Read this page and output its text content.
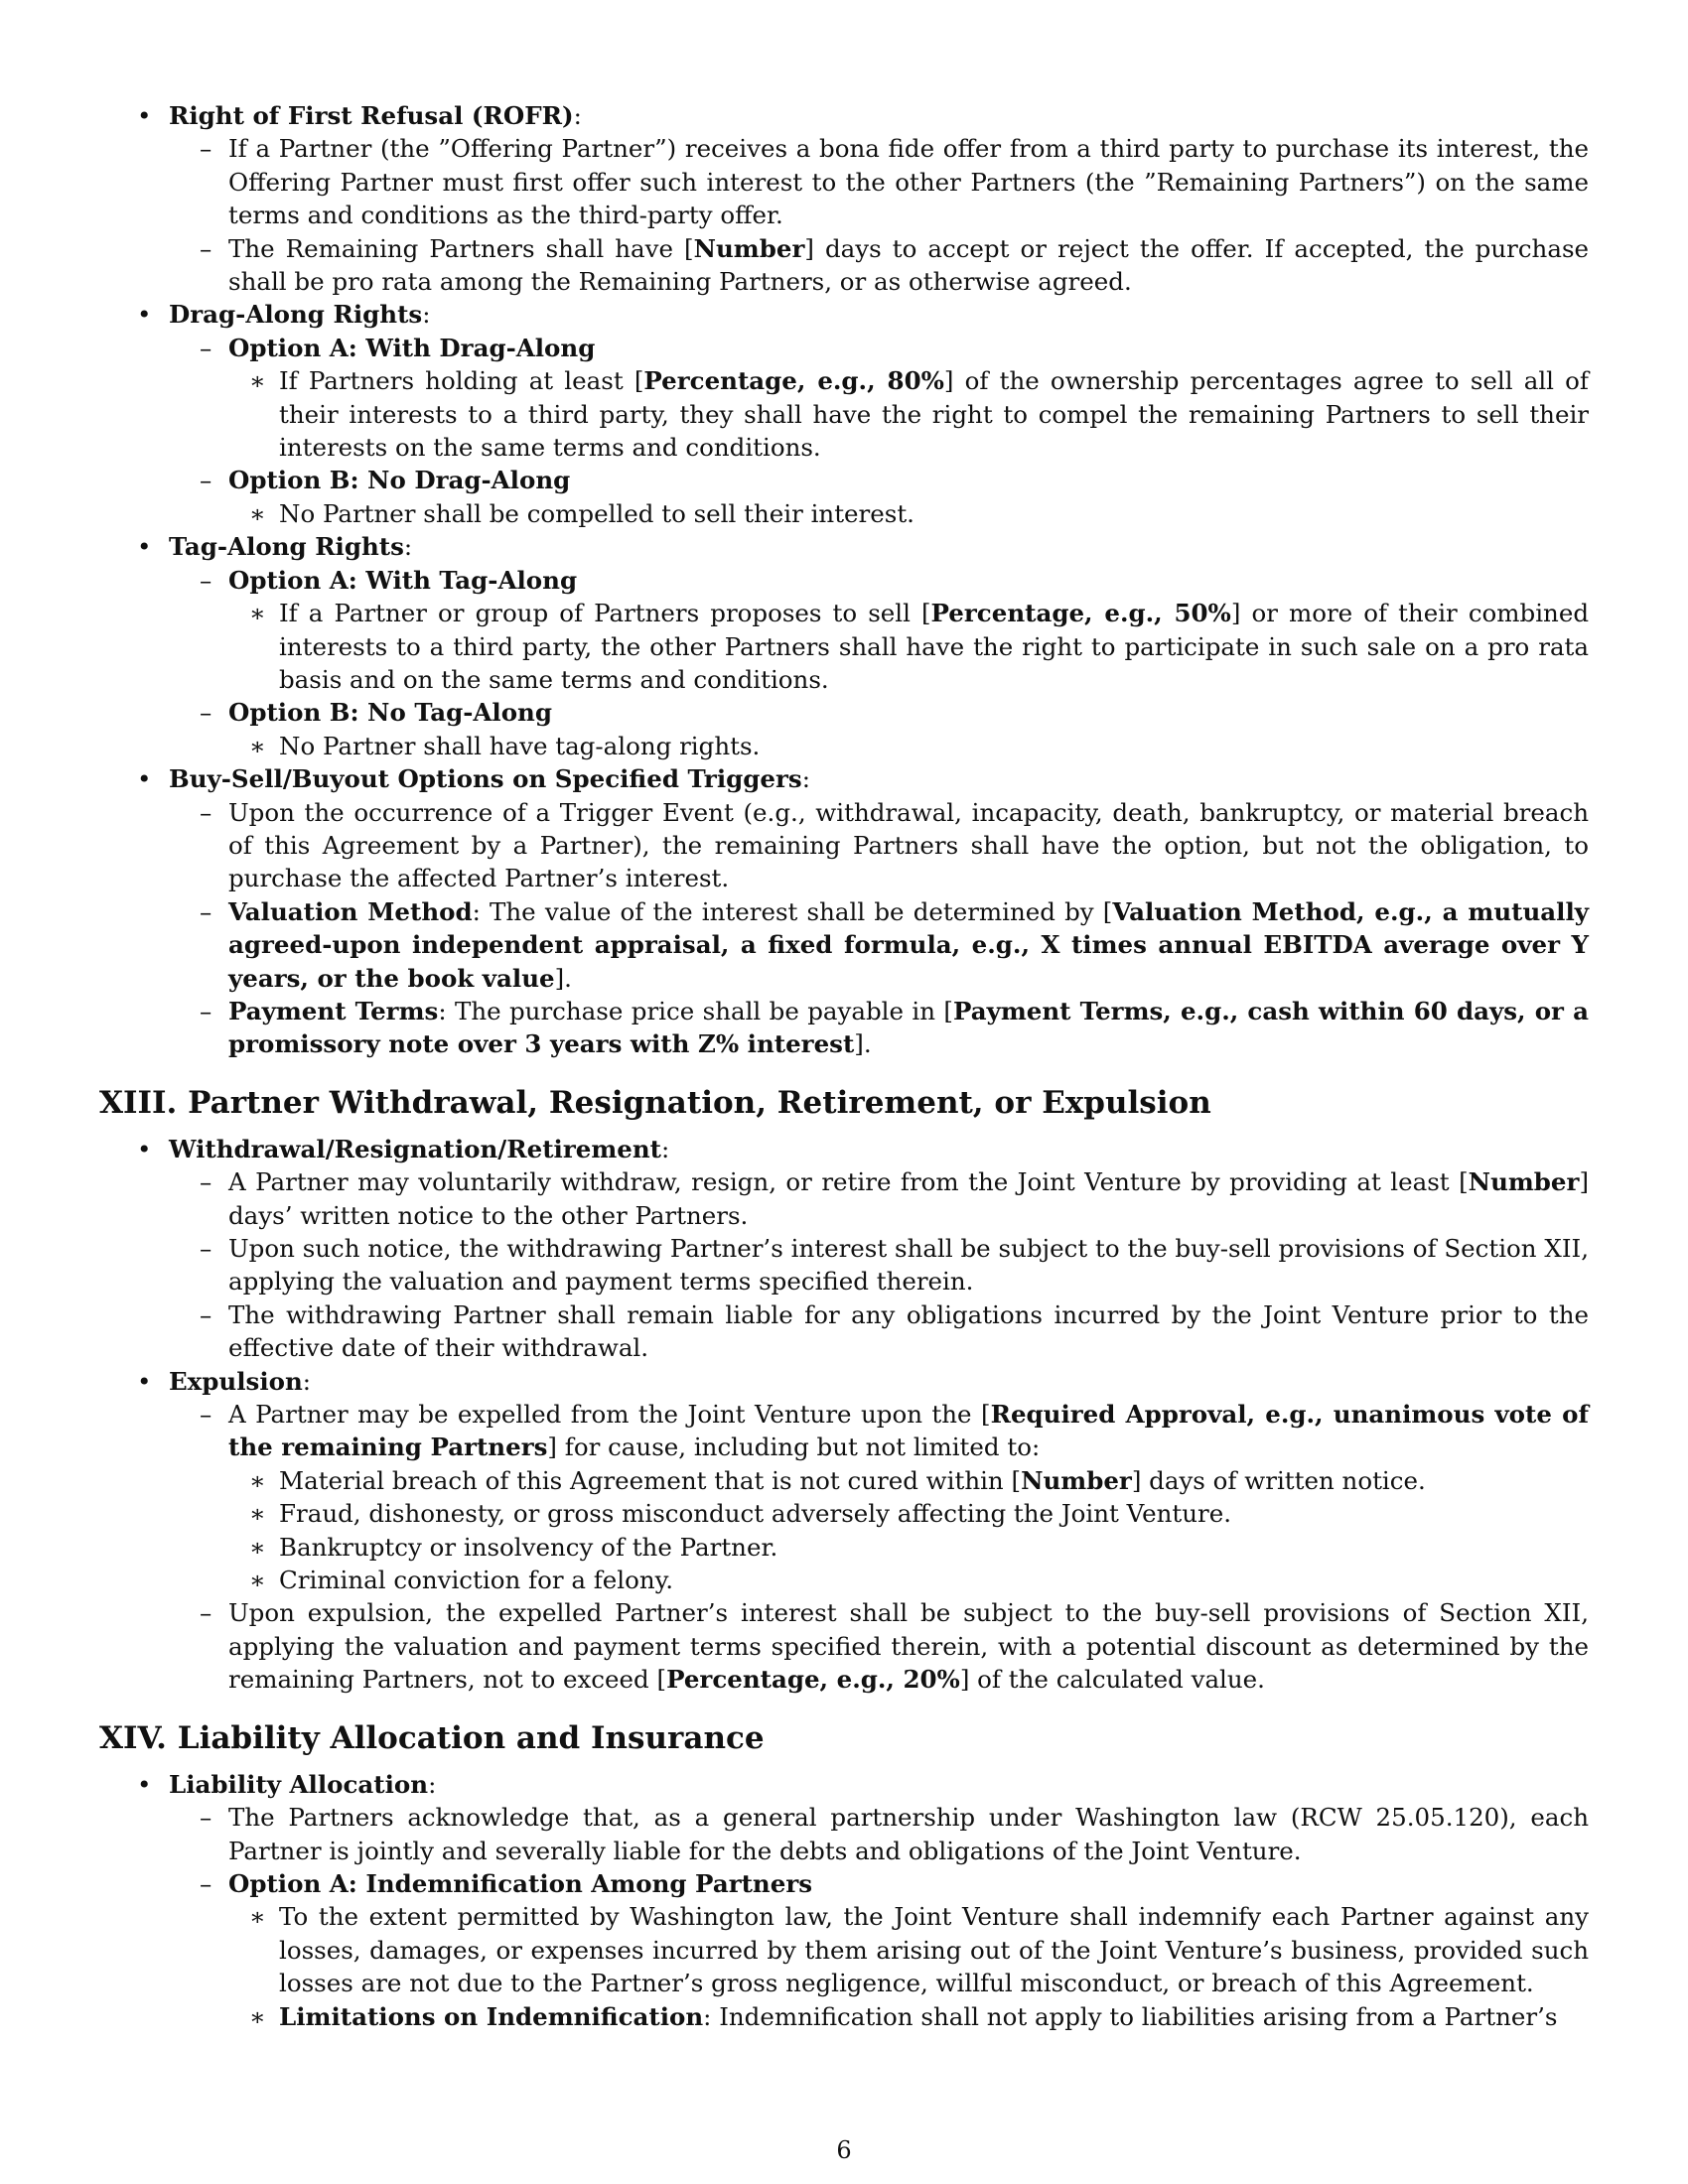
• Right of First Refusal (ROFR):

– If a Partner (the ”Offering Partner”) receives a bona fide offer from a third party to purchase its interest, the Offering Partner must first offer such interest to the other Partners (the ”Remaining Partners”) on the same terms and conditions as the third-party offer.

– The Remaining Partners shall have [Number] days to accept or reject the offer. If accepted, the purchase shall be pro rata among the Remaining Partners, or as otherwise agreed.

• Drag-Along Rights:

– Option A: With Drag-Along

∗ If Partners holding at least [Percentage, e.g., 80%] of the ownership percentages agree to sell all of their interests to a third party, they shall have the right to compel the remaining Partners to sell their interests on the same terms and conditions.

– Option B: No Drag-Along

∗ No Partner shall be compelled to sell their interest.

• Tag-Along Rights:

– Option A: With Tag-Along

∗ If a Partner or group of Partners proposes to sell [Percentage, e.g., 50%] or more of their combined interests to a third party, the other Partners shall have the right to participate in such sale on a pro rata basis and on the same terms and conditions.

– Option B: No Tag-Along

∗ No Partner shall have tag-along rights.

• Buy-Sell/Buyout Options on Specified Triggers:

– Upon the occurrence of a Trigger Event (e.g., withdrawal, incapacity, death, bankruptcy, or material breach of this Agreement by a Partner), the remaining Partners shall have the option, but not the obligation, to purchase the affected Partner’s interest.

– Valuation Method: The value of the interest shall be determined by [Valuation Method, e.g., a mutually agreed-upon independent appraisal, a fixed formula, e.g., X times annual EBITDA average over Y years, or the book value].

– Payment Terms: The purchase price shall be payable in [Payment Terms, e.g., cash within 60 days, or a promissory note over 3 years with Z% interest].

XIII. Partner Withdrawal, Resignation, Retirement, or Expulsion

• Withdrawal/Resignation/Retirement:

– A Partner may voluntarily withdraw, resign, or retire from the Joint Venture by providing at least [Number] days’ written notice to the other Partners.

– Upon such notice, the withdrawing Partner’s interest shall be subject to the buy-sell provisions of Section XII, applying the valuation and payment terms specified therein.

– The withdrawing Partner shall remain liable for any obligations incurred by the Joint Venture prior to the effective date of their withdrawal.

• Expulsion:

– A Partner may be expelled from the Joint Venture upon the [Required Approval, e.g., unanimous vote of the remaining Partners] for cause, including but not limited to:

∗ Material breach of this Agreement that is not cured within [Number] days of written notice.

∗ Fraud, dishonesty, or gross misconduct adversely affecting the Joint Venture.

∗ Bankruptcy or insolvency of the Partner.

∗ Criminal conviction for a felony.

– Upon expulsion, the expelled Partner’s interest shall be subject to the buy-sell provisions of Section XII, applying the valuation and payment terms specified therein, with a potential discount as determined by the remaining Partners, not to exceed [Percentage, e.g., 20%] of the calculated value.

XIV. Liability Allocation and Insurance

• Liability Allocation:

– The Partners acknowledge that, as a general partnership under Washington law (RCW 25.05.120), each Partner is jointly and severally liable for the debts and obligations of the Joint Venture.

– Option A: Indemnification Among Partners

∗ To the extent permitted by Washington law, the Joint Venture shall indemnify each Partner against any losses, damages, or expenses incurred by them arising out of the Joint Venture’s business, provided such losses are not due to the Partner’s gross negligence, willful misconduct, or breach of this Agreement.

∗ Limitations on Indemnification: Indemnification shall not apply to liabilities arising from a Partner’s

6
